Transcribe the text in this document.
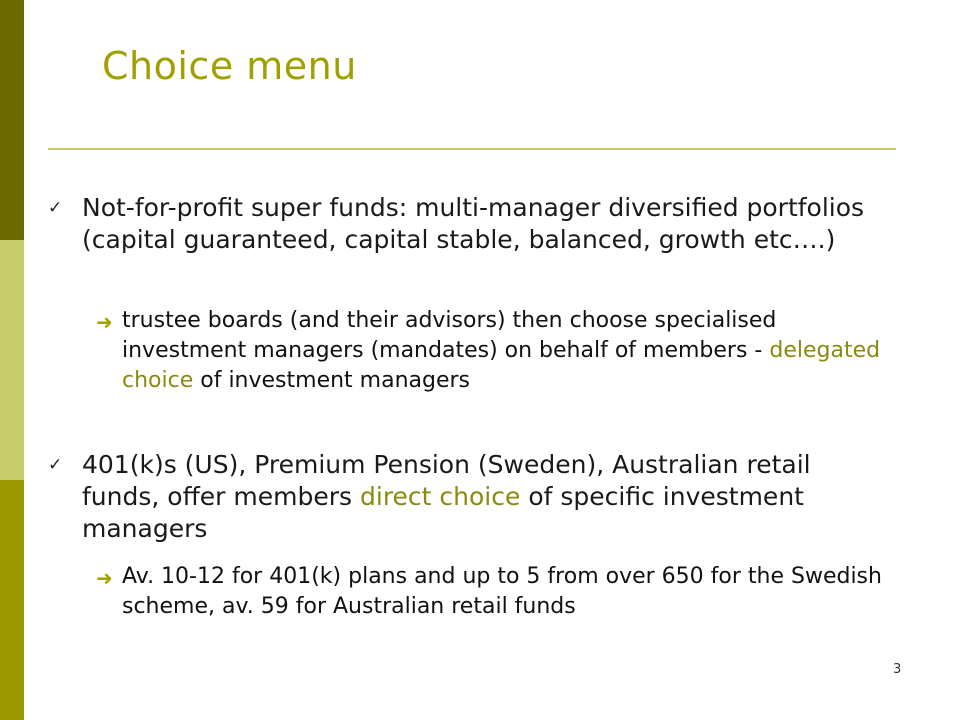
Choice menu
✓ Not-for-profit super funds: multi-manager diversified portfolios (capital guaranteed, capital stable, balanced, growth etc….)
➜ trustee boards (and their advisors) then choose specialised investment managers (mandates) on behalf of members - delegated choice of investment managers
✓ 401(k)s (US), Premium Pension (Sweden), Australian retail funds, offer members direct choice of specific investment managers
➜ Av. 10-12 for 401(k) plans and up to 5 from over 650 for the Swedish scheme, av. 59 for Australian retail funds
3
